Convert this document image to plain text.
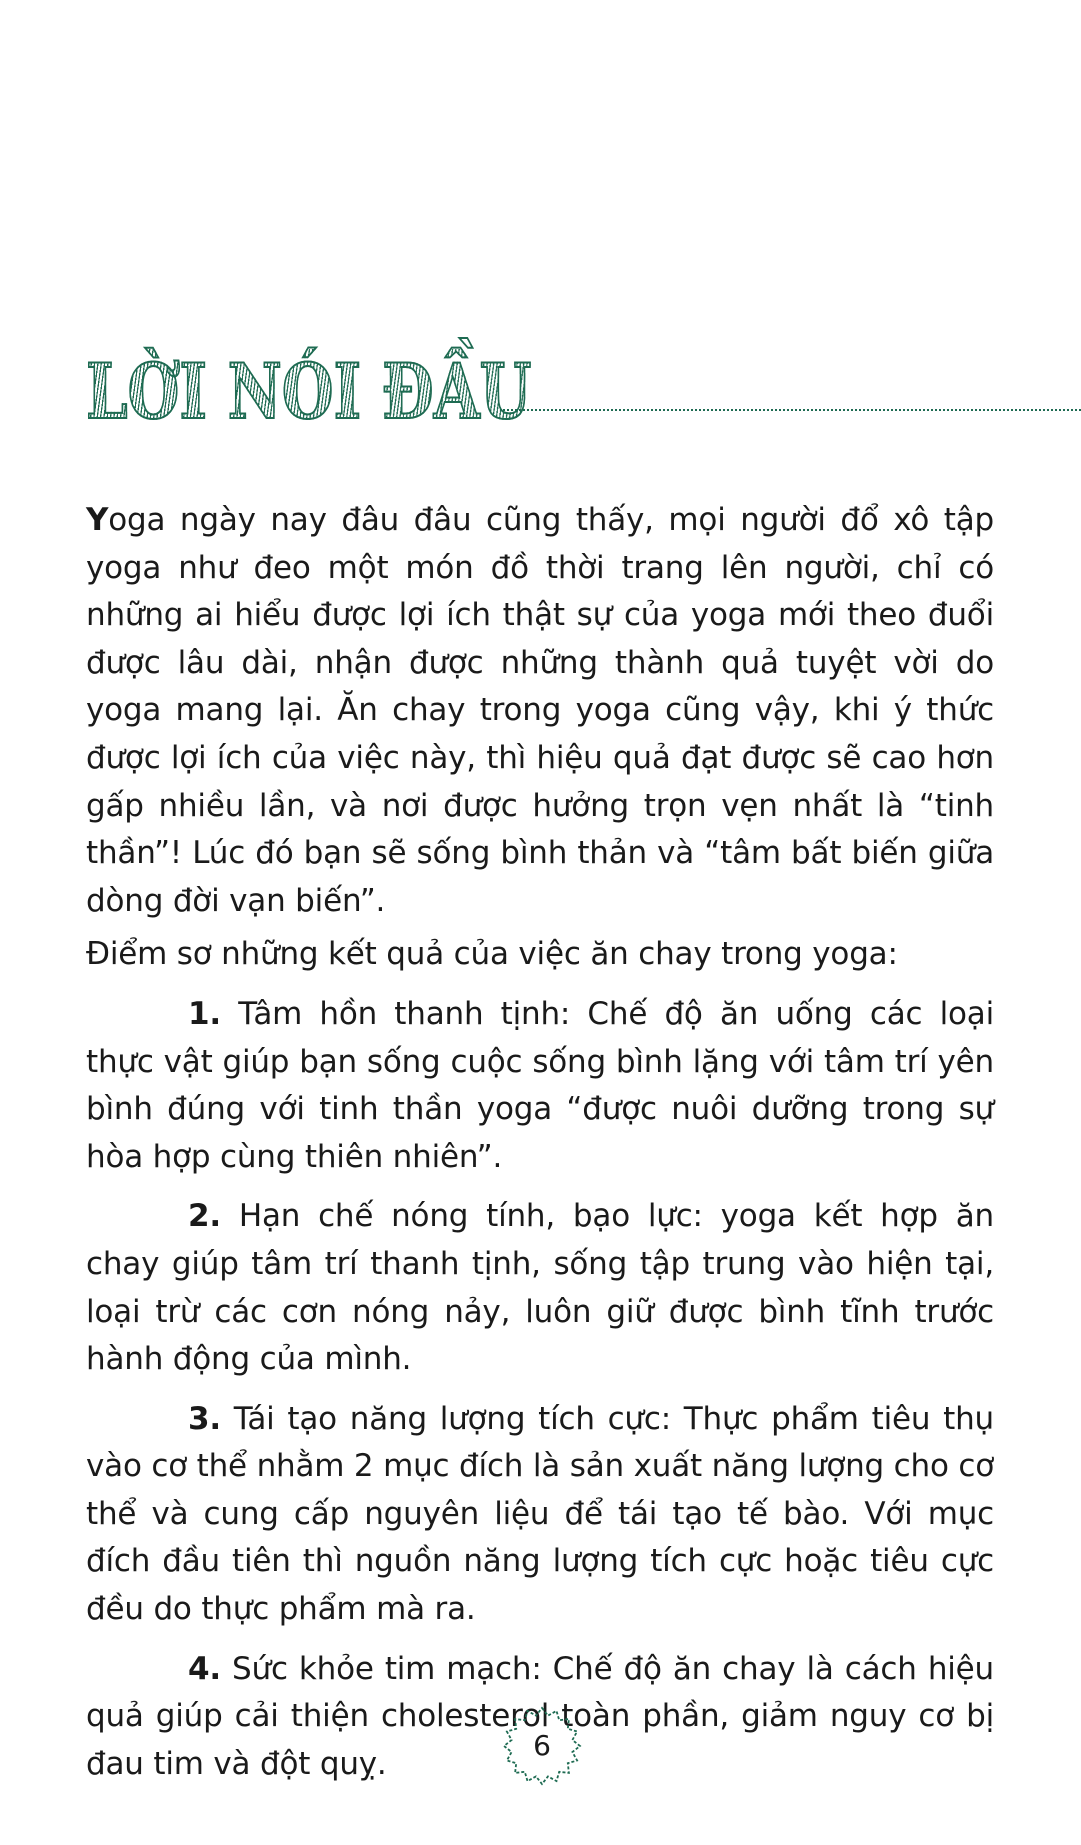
LỜI NÓI ĐẦU

Yoga ngày nay đâu đâu cũng thấy, mọi người đổ xô tập yoga như đeo một món đồ thời trang lên người, chỉ có những ai hiểu được lợi ích thật sự của yoga mới theo đuổi được lâu dài, nhận được những thành quả tuyệt vời do yoga mang lại. Ăn chay trong yoga cũng vậy, khi ý thức được lợi ích của việc này, thì hiệu quả đạt được sẽ cao hơn gấp nhiều lần, và nơi được hưởng trọn vẹn nhất là “tinh thần”! Lúc đó bạn sẽ sống bình thản và “tâm bất biến giữa dòng đời vạn biến”.

Điểm sơ những kết quả của việc ăn chay trong yoga:

1. Tâm hồn thanh tịnh: Chế độ ăn uống các loại thực vật giúp bạn sống cuộc sống bình lặng với tâm trí yên bình đúng với tinh thần yoga “được nuôi dưỡng trong sự hòa hợp cùng thiên nhiên”.

2. Hạn chế nóng tính, bạo lực: yoga kết hợp ăn chay giúp tâm trí thanh tịnh, sống tập trung vào hiện tại, loại trừ các cơn nóng nảy, luôn giữ được bình tĩnh trước hành động của mình.

3. Tái tạo năng lượng tích cực: Thực phẩm tiêu thụ vào cơ thể nhằm 2 mục đích là sản xuất năng lượng cho cơ thể và cung cấp nguyên liệu để tái tạo tế bào. Với mục đích đầu tiên thì nguồn năng lượng tích cực hoặc tiêu cực đều do thực phẩm mà ra.

4. Sức khỏe tim mạch: Chế độ ăn chay là cách hiệu quả giúp cải thiện cholesterol toàn phần, giảm nguy cơ bị đau tim và đột quỵ.

6
